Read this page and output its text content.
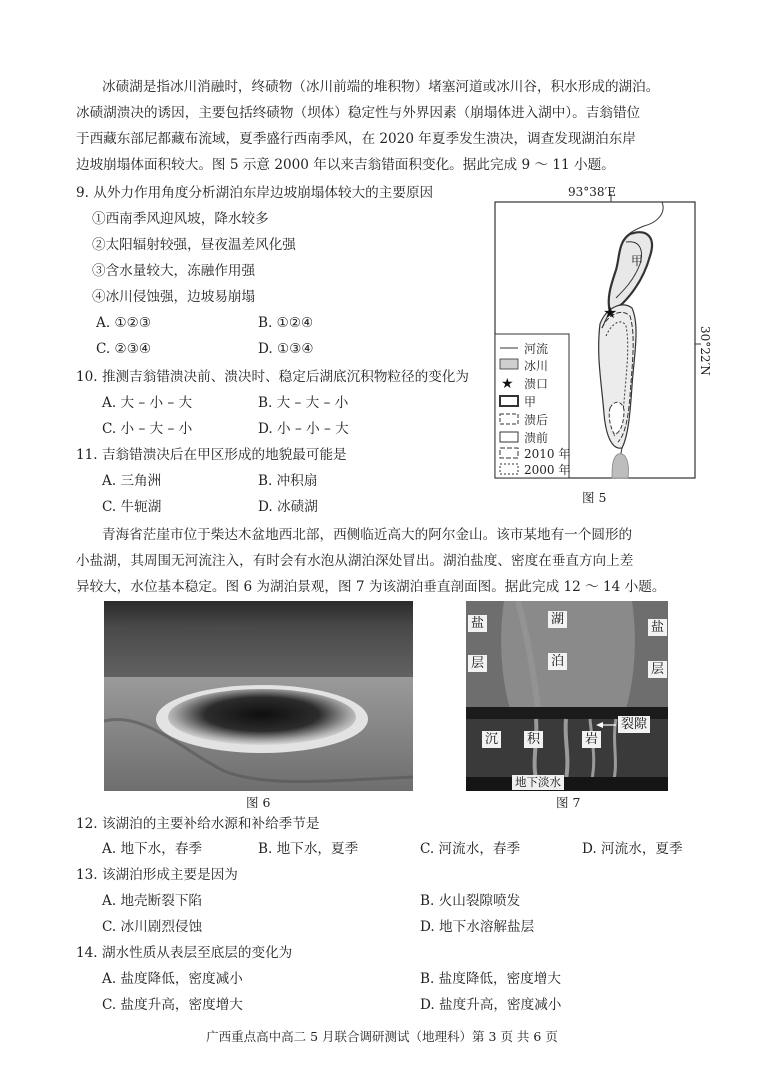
冰碛湖是指冰川消融时，终碛物（冰川前端的堆积物）堵塞河道或冰川谷，积水形成的湖泊。
冰碛湖溃决的诱因，主要包括终碛物（坝体）稳定性与外界因素（崩塌体进入湖中）。吉翁错位
于西藏东部尼都藏布流域，夏季盛行西南季风，在 2020 年夏季发生溃决，调查发现湖泊东岸
边坡崩塌体面积较大。图 5 示意 2000 年以来吉翁错面积变化。据此完成 9 ～ 11 小题。
9. 从外力作用角度分析湖泊东岸边坡崩塌体较大的主要原因
①西南季风迎风坡，降水较多
②太阳辐射较强，昼夜温差风化强
③含水量较大，冻融作用强
④冰川侵蚀强，边坡易崩塌
A. ①②③	B. ①②④
C. ②③④	D. ①③④
10. 推测吉翁错溃决前、溃决时、稳定后湖底沉积物粒径的变化为
A. 大 – 小 – 大	B. 大 – 大 – 小
C. 小 – 大 – 小	D. 小 – 小 – 大
11. 吉翁错溃决后在甲区形成的地貌最可能是
A. 三角洲	B. 冲积扇
C. 牛轭湖	D. 冰碛湖
★
★
93°38′E
30°22′N
甲
河流
冰川
溃口
甲
溃后
溃前
2010 年
2000 年
图 5
青海省茫崖市位于柴达木盆地西北部，西侧临近高大的阿尔金山。该市某地有一个圆形的
小盐湖，其周围无河流注入，有时会有水泡从湖泊深处冒出。湖泊盐度、密度在垂直方向上差
异较大，水位基本稳定。图 6 为湖泊景观，图 7 为该湖泊垂直剖面图。据此完成 12 ～ 14 小题。
图 6
盐
层
湖
泊
盐
层
裂隙
沉 积	岩
地下淡水
图 7
12. 该湖泊的主要补给水源和补给季节是
A. 地下水，春季	B. 地下水，夏季	C. 河流水，春季	D. 河流水，夏季
13. 该湖泊形成主要是因为
A. 地壳断裂下陷	B. 火山裂隙喷发
C. 冰川剧烈侵蚀	D. 地下水溶解盐层
14. 湖水性质从表层至底层的变化为
A. 盐度降低，密度减小	B. 盐度降低，密度增大
C. 盐度升高，密度增大	D. 盐度升高，密度减小
广西重点高中高二 5 月联合调研测试（地理科）第 3 页 共 6 页
